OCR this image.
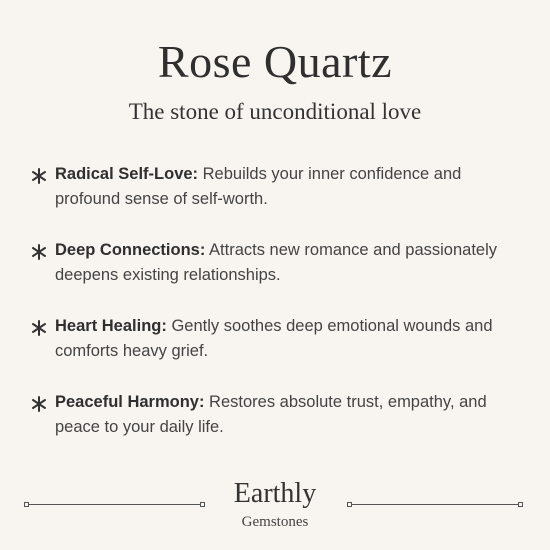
Rose Quartz
The stone of unconditional love
Radical Self-Love: Rebuilds your inner confidence and profound sense of self-worth.
Deep Connections: Attracts new romance and passionately deepens existing relationships.
Heart Healing: Gently soothes deep emotional wounds and comforts heavy grief.
Peaceful Harmony: Restores absolute trust, empathy, and peace to your daily life.
Earthly
Gemstones
